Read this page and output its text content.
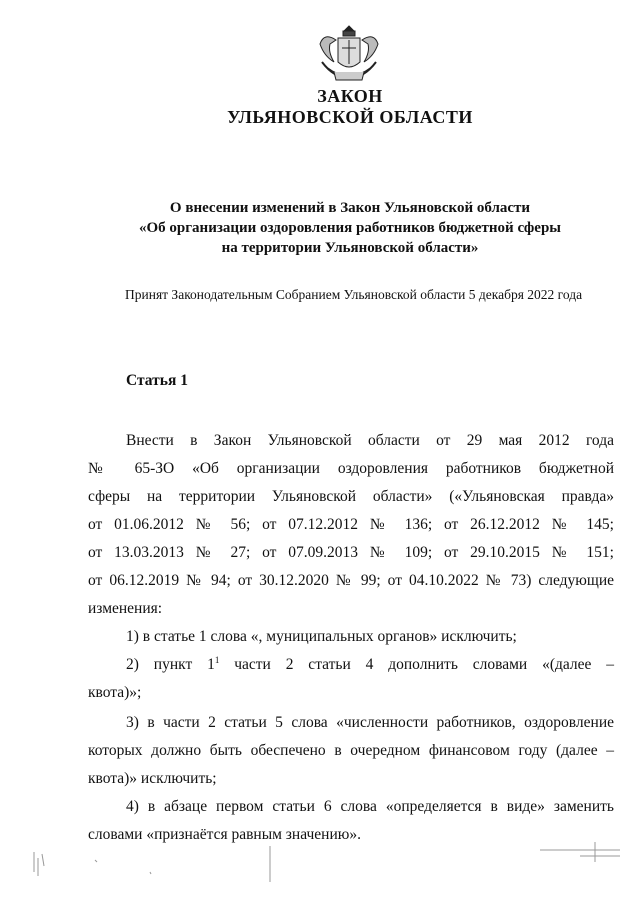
ЗАКОН
УЛЬЯНОВСКОЙ ОБЛАСТИ
О внесении изменений в Закон Ульяновской области
«Об организации оздоровления работников бюджетной сферы
на территории Ульяновской области»
Принят Законодательным Собранием Ульяновской области 5 декабря 2022 года
Статья 1
Внести в Закон Ульяновской области от 29 мая 2012 года
№ 65-ЗО «Об организации оздоровления работников бюджетной
сферы на территории Ульяновской области» («Ульяновская правда»
от 01.06.2012 № 56; от 07.12.2012 № 136; от 26.12.2012 № 145;
от 13.03.2013 № 27; от 07.09.2013 № 109; от 29.10.2015 № 151;
от 06.12.2019 № 94; от 30.12.2020 № 99; от 04.10.2022 № 73) следующие
изменения:
1) в статье 1 слова «, муниципальных органов» исключить;
2) пункт $1^1$ части 2 статьи 4 дополнить словами «(далее –
квота)»;
3) в части 2 статьи 5 слова «численности работников, оздоровление
которых должно быть обеспечено в очередном финансовом году (далее –
квота)» исключить;
4) в абзаце первом статьи 6 слова «определяется в виде» заменить
словами «признаётся равным значению».
